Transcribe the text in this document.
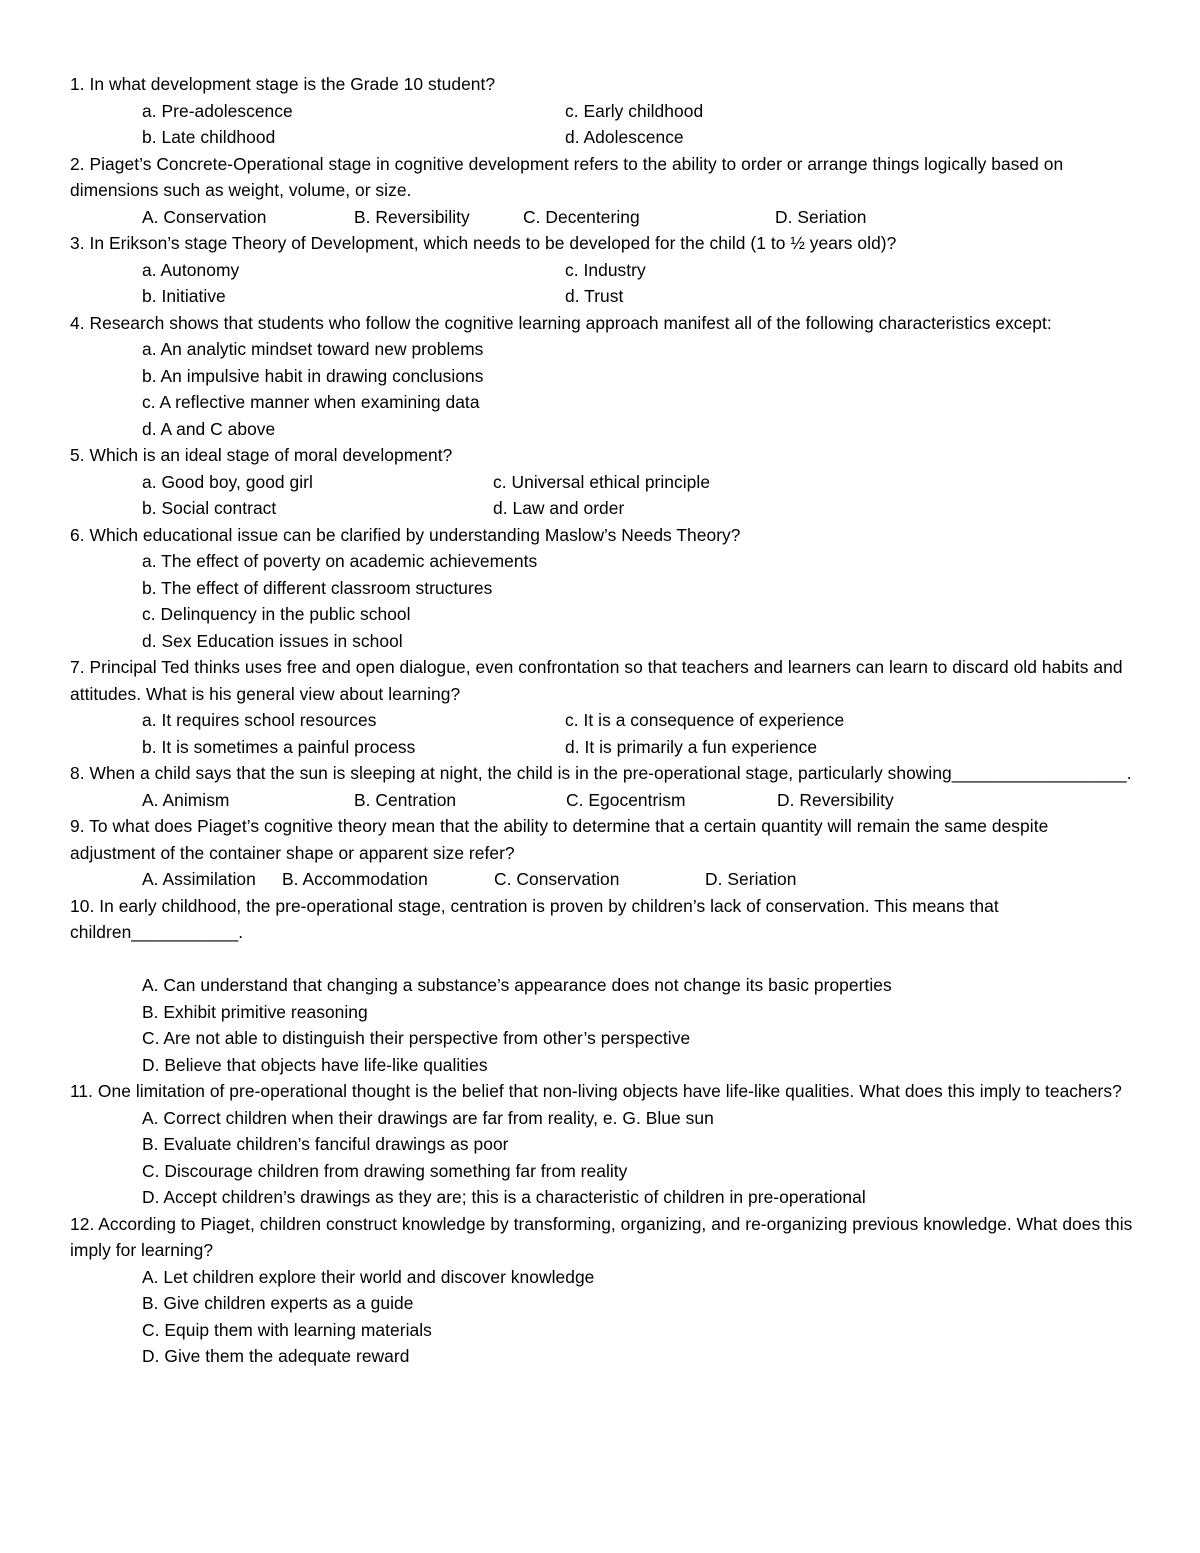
1. In what development stage is the Grade 10 student?
a. Pre-adolescence	c. Early childhood
b. Late childhood	d. Adolescence
2. Piaget’s Concrete-Operational stage in cognitive development refers to the ability to order or arrange things logically based on dimensions such as weight, volume, or size.
A. Conservation	B. Reversibility	C. Decentering	D. Seriation
3. In Erikson’s stage Theory of Development, which needs to be developed for the child (1 to ½ years old)?
a. Autonomy	c. Industry
b. Initiative	d. Trust
4. Research shows that students who follow the cognitive learning approach manifest all of the following characteristics except:
a. An analytic mindset toward new problems
b. An impulsive habit in drawing conclusions
c. A reflective manner when examining data
d. A and C above
5. Which is an ideal stage of moral development?
a. Good boy, good girl	c. Universal ethical principle
b. Social contract	d. Law and order
6. Which educational issue can be clarified by understanding Maslow’s Needs Theory?
a. The effect of poverty on academic achievements
b. The effect of different classroom structures
c. Delinquency in the public school
d. Sex Education issues in school
7. Principal Ted thinks uses free and open dialogue, even confrontation so that teachers and learners can learn to discard old habits and attitudes. What is his general view about learning?
a. It requires school resources	c. It is a consequence of experience
b. It is sometimes a painful process	d. It is primarily a fun experience
8. When a child says that the sun is sleeping at night, the child is in the pre-operational stage, particularly showing__________________.
A. Animism	B. Centration	C. Egocentrism	D. Reversibility
9. To what does Piaget’s cognitive theory mean that the ability to determine that a certain quantity will remain the same despite adjustment of the container shape or apparent size refer?
A. Assimilation	B. Accommodation	C. Conservation	D. Seriation
10. In early childhood, the pre-operational stage, centration is proven by children’s lack of conservation. This means that children___________.
A. Can understand that changing a substance’s appearance does not change its basic properties
B. Exhibit primitive reasoning
C. Are not able to distinguish their perspective from other’s perspective
D. Believe that objects have life-like qualities
11. One limitation of pre-operational thought is the belief that non-living objects have life-like qualities. What does this imply to teachers?
A. Correct children when their drawings are far from reality, e. G. Blue sun
B. Evaluate children’s fanciful drawings as poor
C. Discourage children from drawing something far from reality
D. Accept children’s drawings as they are; this is a characteristic of children in pre-operational
12. According to Piaget, children construct knowledge by transforming, organizing, and re-organizing previous knowledge. What does this imply for learning?
A. Let children explore their world and discover knowledge
B. Give children experts as a guide
C. Equip them with learning materials
D. Give them the adequate reward
